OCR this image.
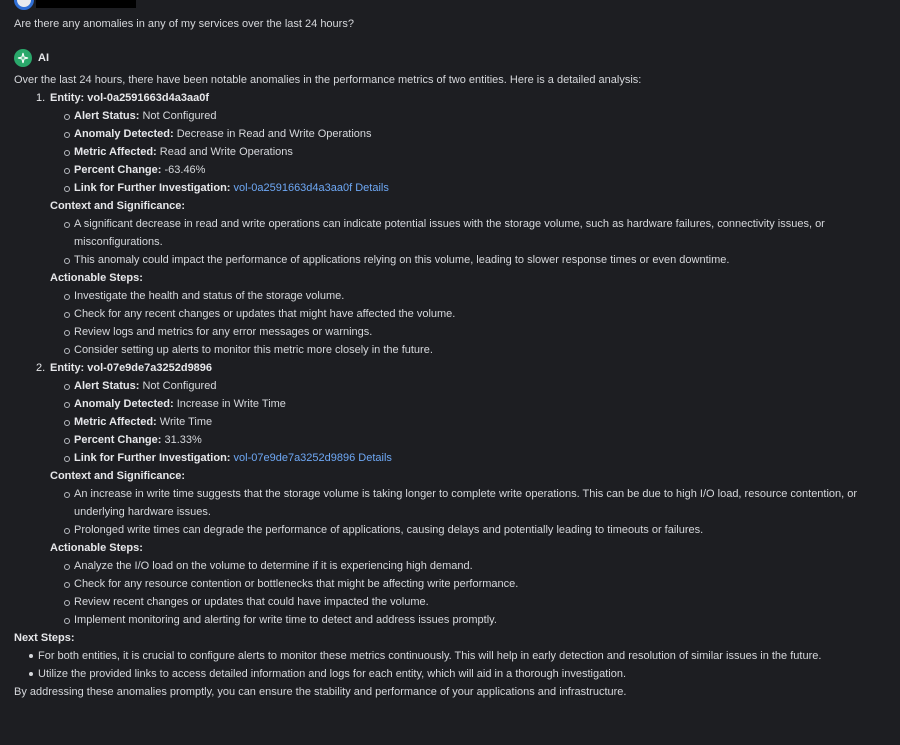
Are there any anomalies in any of my services over the last 24 hours?

AI

Over the last 24 hours, there have been notable anomalies in the performance metrics of two entities. Here is a detailed analysis:

1. Entity: vol-0a2591663d4a3aa0f

Alert Status: Not Configured
Anomaly Detected: Decrease in Read and Write Operations
Metric Affected: Read and Write Operations
Percent Change: -63.46%
Link for Further Investigation: vol-0a2591663d4a3aa0f Details

Context and Significance:

A significant decrease in read and write operations can indicate potential issues with the storage volume, such as hardware failures, connectivity issues, or misconfigurations.
This anomaly could impact the performance of applications relying on this volume, leading to slower response times or even downtime.

Actionable Steps:

Investigate the health and status of the storage volume.
Check for any recent changes or updates that might have affected the volume.
Review logs and metrics for any error messages or warnings.
Consider setting up alerts to monitor this metric more closely in the future.

2. Entity: vol-07e9de7a3252d9896

Alert Status: Not Configured
Anomaly Detected: Increase in Write Time
Metric Affected: Write Time
Percent Change: 31.33%
Link for Further Investigation: vol-07e9de7a3252d9896 Details

Context and Significance:

An increase in write time suggests that the storage volume is taking longer to complete write operations. This can be due to high I/O load, resource contention, or underlying hardware issues.
Prolonged write times can degrade the performance of applications, causing delays and potentially leading to timeouts or failures.

Actionable Steps:

Analyze the I/O load on the volume to determine if it is experiencing high demand.
Check for any resource contention or bottlenecks that might be affecting write performance.
Review recent changes or updates that could have impacted the volume.
Implement monitoring and alerting for write time to detect and address issues promptly.

Next Steps:

For both entities, it is crucial to configure alerts to monitor these metrics continuously. This will help in early detection and resolution of similar issues in the future.
Utilize the provided links to access detailed information and logs for each entity, which will aid in a thorough investigation.

By addressing these anomalies promptly, you can ensure the stability and performance of your applications and infrastructure.
